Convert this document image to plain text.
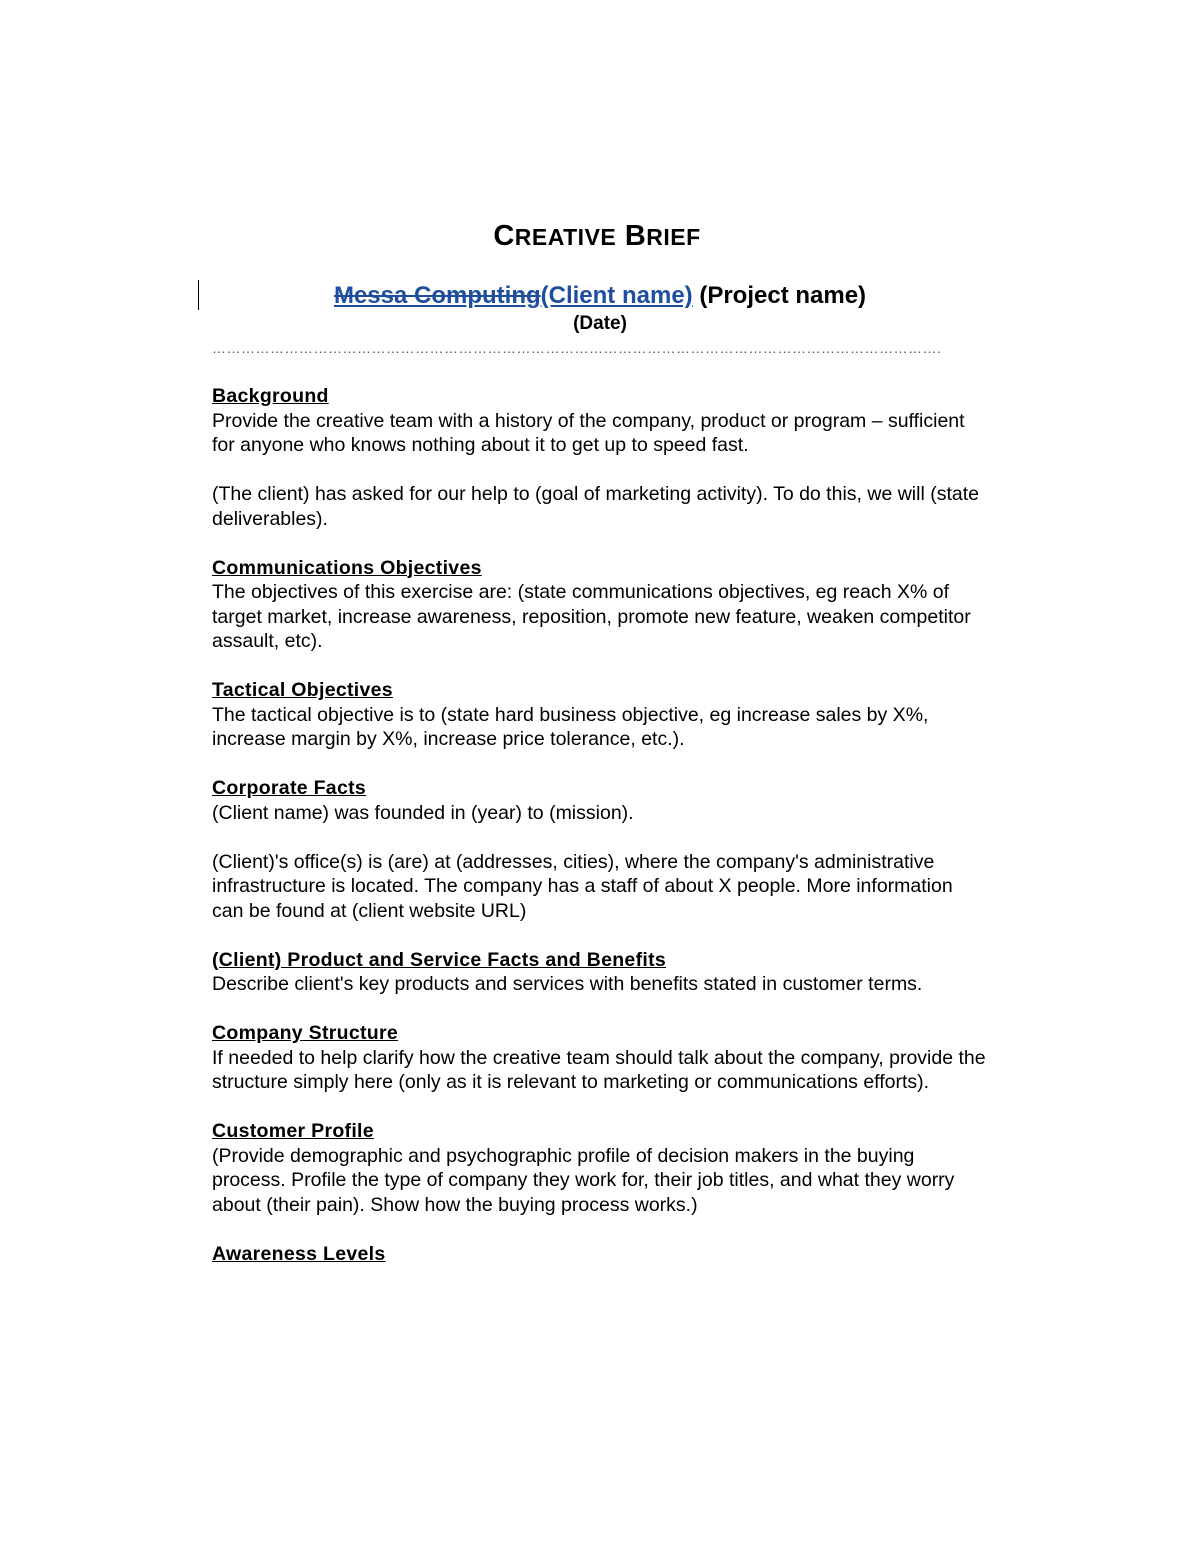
CREATIVE BRIEF

Messa Computing(Client name) (Project name)

(Date)

…………………………………………………………………………………………………………………………………….

Background

Provide the creative team with a history of the company, product or program – sufficient for anyone who knows nothing about it to get up to speed fast.

(The client) has asked for our help to (goal of marketing activity). To do this, we will (state deliverables).

Communications Objectives

The objectives of this exercise are: (state communications objectives, eg reach X% of target market, increase awareness, reposition, promote new feature, weaken competitor assault, etc).

Tactical Objectives

The tactical objective is to (state hard business objective, eg increase sales by X%, increase margin by X%, increase price tolerance, etc.).

Corporate Facts

(Client name) was founded in (year) to (mission).

(Client)'s office(s) is (are) at (addresses, cities), where the company's administrative infrastructure is located. The company has a staff of about X people. More information can be found at (client website URL)

(Client) Product and Service Facts and Benefits

Describe client's key products and services with benefits stated in customer terms.

Company Structure

If needed to help clarify how the creative team should talk about the company, provide the structure simply here (only as it is relevant to marketing or communications efforts).

Customer Profile

(Provide demographic and psychographic profile of decision makers in the buying process. Profile the type of company they work for, their job titles, and what they worry about (their pain). Show how the buying process works.)

Awareness Levels
